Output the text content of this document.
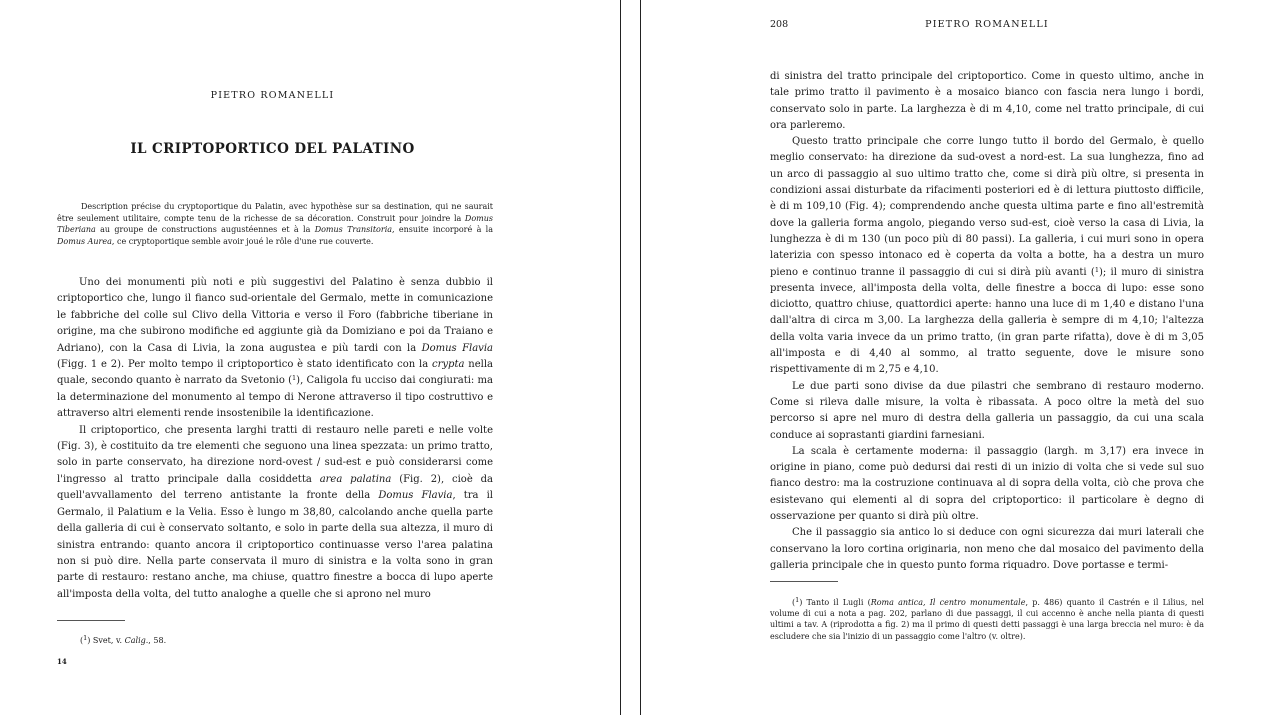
PIETRO ROMANELLI
IL CRIPTOPORTICO DEL PALATINO

Description précise du cryptoportique du Palatin, avec hypothèse sur sa destination, qui ne saurait être seulement utilitaire, compte tenu de la richesse de sa décoration. Construit pour joindre la Domus Tiberiana au groupe de constructions augustéennes et à la Domus Transitoria, ensuite incorporé à la Domus Aurea, ce cryptoportique semble avoir joué le rôle d'une rue couverte.

Uno dei monumenti più noti e più suggestivi del Palatino è senza dubbio il criptoportico che, lungo il fianco sud-orientale del Germalo, mette in comunicazione le fabbriche del colle sul Clivo della Vittoria e verso il Foro (fabbriche tiberiane in origine, ma che subirono modifiche ed aggiunte già da Domiziano e poi da Traiano e Adriano), con la Casa di Livia, la zona augustea e più tardi con la Domus Flavia (Figg. 1 e 2). Per molto tempo il criptoportico è stato identificato con la crypta nella quale, secondo quanto è narrato da Svetonio ($^1$), Caligola fu ucciso dai congiurati: ma la determinazione del monumento al tempo di Nerone attraverso il tipo costruttivo e attraverso altri elementi rende insostenibile la identificazione.

Il criptoportico, che presenta larghi tratti di restauro nelle pareti e nelle volte (Fig. 3), è costituito da tre elementi che seguono una linea spezzata: un primo tratto, solo in parte conservato, ha direzione nord-ovest / sud-est e può considerarsi come l'ingresso al tratto principale dalla cosiddetta area palatina (Fig. 2), cioè da quell'avvallamento del terreno antistante la fronte della Domus Flavia, tra il Germalo, il Palatium e la Velia. Esso è lungo m 38,80, calcolando anche quella parte della galleria di cui è conservato soltanto, e solo in parte della sua altezza, il muro di sinistra entrando: quanto ancora il criptoportico continuasse verso l'area palatina non si può dire. Nella parte conservata il muro di sinistra e la volta sono in gran parte di restauro: restano anche, ma chiuse, quattro finestre a bocca di lupo aperte all'imposta della volta, del tutto analoghe a quelle che si aprono nel muro

($^1$) Svet, v. Calig., 58.
14
208	PIETRO ROMANELLI

di sinistra del tratto principale del criptoportico. Come in questo ultimo, anche in tale primo tratto il pavimento è a mosaico bianco con fascia nera lungo i bordi, conservato solo in parte. La larghezza è di m 4,10, come nel tratto principale, di cui ora parleremo.

Questo tratto principale che corre lungo tutto il bordo del Germalo, è quello meglio conservato: ha direzione da sud-ovest a nord-est. La sua lunghezza, fino ad un arco di passaggio al suo ultimo tratto che, come si dirà più oltre, si presenta in condizioni assai disturbate da rifacimenti posteriori ed è di lettura piuttosto difficile, è di m 109,10 (Fig. 4); comprendendo anche questa ultima parte e fino all'estremità dove la galleria forma angolo, piegando verso sud-est, cioè verso la casa di Livia, la lunghezza è di m 130 (un poco più di 80 passi). La galleria, i cui muri sono in opera laterizia con spesso intonaco ed è coperta da volta a botte, ha a destra un muro pieno e continuo tranne il passaggio di cui si dirà più avanti ($^1$); il muro di sinistra presenta invece, all'imposta della volta, delle finestre a bocca di lupo: esse sono diciotto, quattro chiuse, quattordici aperte: hanno una luce di m 1,40 e distano l'una dall'altra di circa m 3,00. La larghezza della galleria è sempre di m 4,10; l'altezza della volta varia invece da un primo tratto, (in gran parte rifatta), dove è di m 3,05 all'imposta e di 4,40 al sommo, al tratto seguente, dove le misure sono rispettivamente di m 2,75 e 4,10.

Le due parti sono divise da due pilastri che sembrano di restauro moderno. Come si rileva dalle misure, la volta è ribassata. A poco oltre la metà del suo percorso si apre nel muro di destra della galleria un passaggio, da cui una scala conduce ai soprastanti giardini farnesiani.

La scala è certamente moderna: il passaggio (largh. m 3,17) era invece in origine in piano, come può dedursi dai resti di un inizio di volta che si vede sul suo fianco destro: ma la costruzione continuava al di sopra della volta, ciò che prova che esistevano qui elementi al di sopra del criptoportico: il particolare è degno di osservazione per quanto si dirà più oltre.

Che il passaggio sia antico lo si deduce con ogni sicurezza dai muri laterali che conservano la loro cortina originaria, non meno che dal mosaico del pavimento della galleria principale che in questo punto forma riquadro. Dove portasse e termi-

($^1$) Tanto il Lugli (Roma antica, Il centro monumentale, p. 486) quanto il Castrén e il Lilius, nel volume di cui a nota a pag. 202, parlano di due passaggi, il cui accenno è anche nella pianta di questi ultimi a tav. A (riprodotta a fig. 2) ma il primo di questi detti passaggi è una larga breccia nel muro: è da escludere che sia l'inizio di un passaggio come l'altro (v. oltre).
